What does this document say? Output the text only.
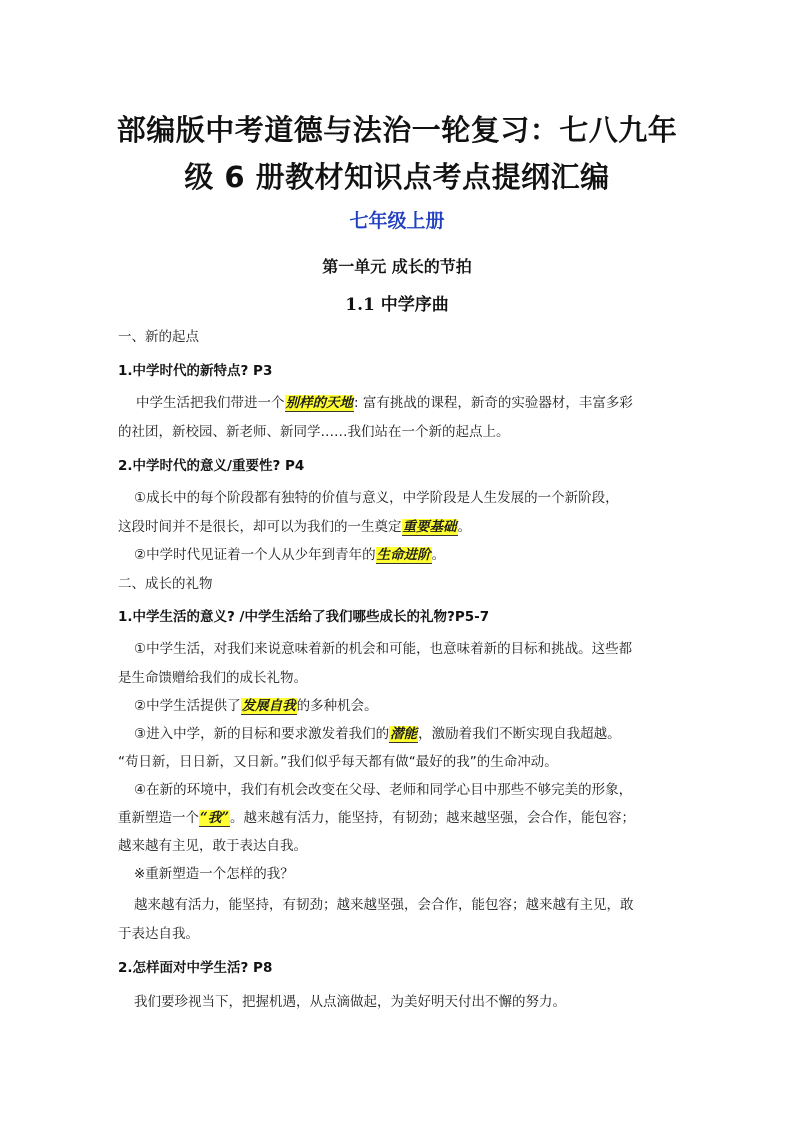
部编版中考道德与法治一轮复习：七八九年
级 6 册教材知识点考点提纲汇编
七年级上册
第一单元 成长的节拍
1.1 中学序曲
一、新的起点
1.中学时代的新特点? P3
中学生活把我们带进一个别样的天地: 富有挑战的课程，新奇的实验器材，丰富多彩
的社团，新校园、新老师、新同学……我们站在一个新的起点上。
2.中学时代的意义/重要性? P4
①成长中的每个阶段都有独特的价值与意义，中学阶段是人生发展的一个新阶段，
这段时间并不是很长，却可以为我们的一生奠定重要基础。
②中学时代见证着一个人从少年到青年的生命进阶。
二、成长的礼物
1.中学生活的意义? /中学生活给了我们哪些成长的礼物?P5-7
①中学生活，对我们来说意味着新的机会和可能，也意味着新的目标和挑战。这些都
是生命馈赠给我们的成长礼物。
②中学生活提供了发展自我的多种机会。
③进入中学，新的目标和要求激发着我们的潜能，激励着我们不断实现自我超越。
“苟日新，日日新，又日新。”我们似乎每天都有做“最好的我”的生命冲动。
④在新的环境中，我们有机会改变在父母、老师和同学心目中那些不够完美的形象，
重新塑造一个“我”。越来越有活力，能坚持，有韧劲；越来越坚强，会合作，能包容；
越来越有主见，敢于表达自我。
※重新塑造一个怎样的我？
越来越有活力，能坚持，有韧劲；越来越坚强，会合作，能包容；越来越有主见，敢
于表达自我。
2.怎样面对中学生活? P8
我们要珍视当下，把握机遇，从点滴做起，为美好明天付出不懈的努力。
